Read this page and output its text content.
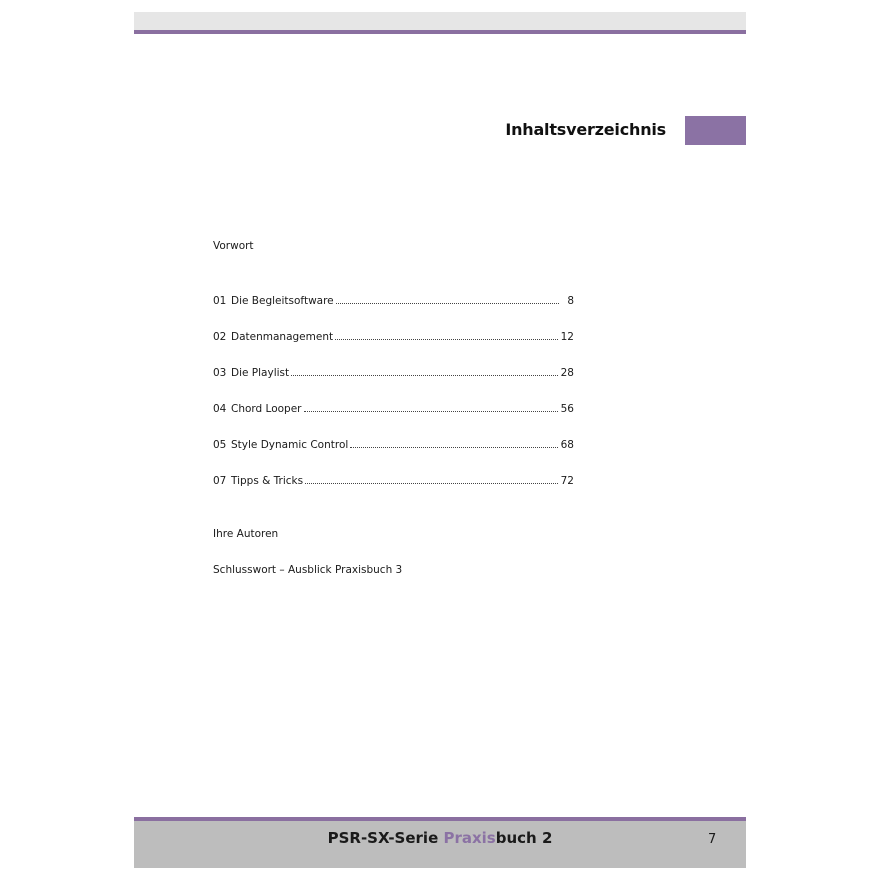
Inhaltsverzeichnis
Vorwort
01 Die Begleitsoftware	8
02 Datenmanagement	12
03 Die Playlist	28
04 Chord Looper	56
05 Style Dynamic Control	68
07 Tipps & Tricks	72
Ihre Autoren
Schlusswort – Ausblick Praxisbuch 3
PSR-SX-Serie Praxisbuch 2	7
